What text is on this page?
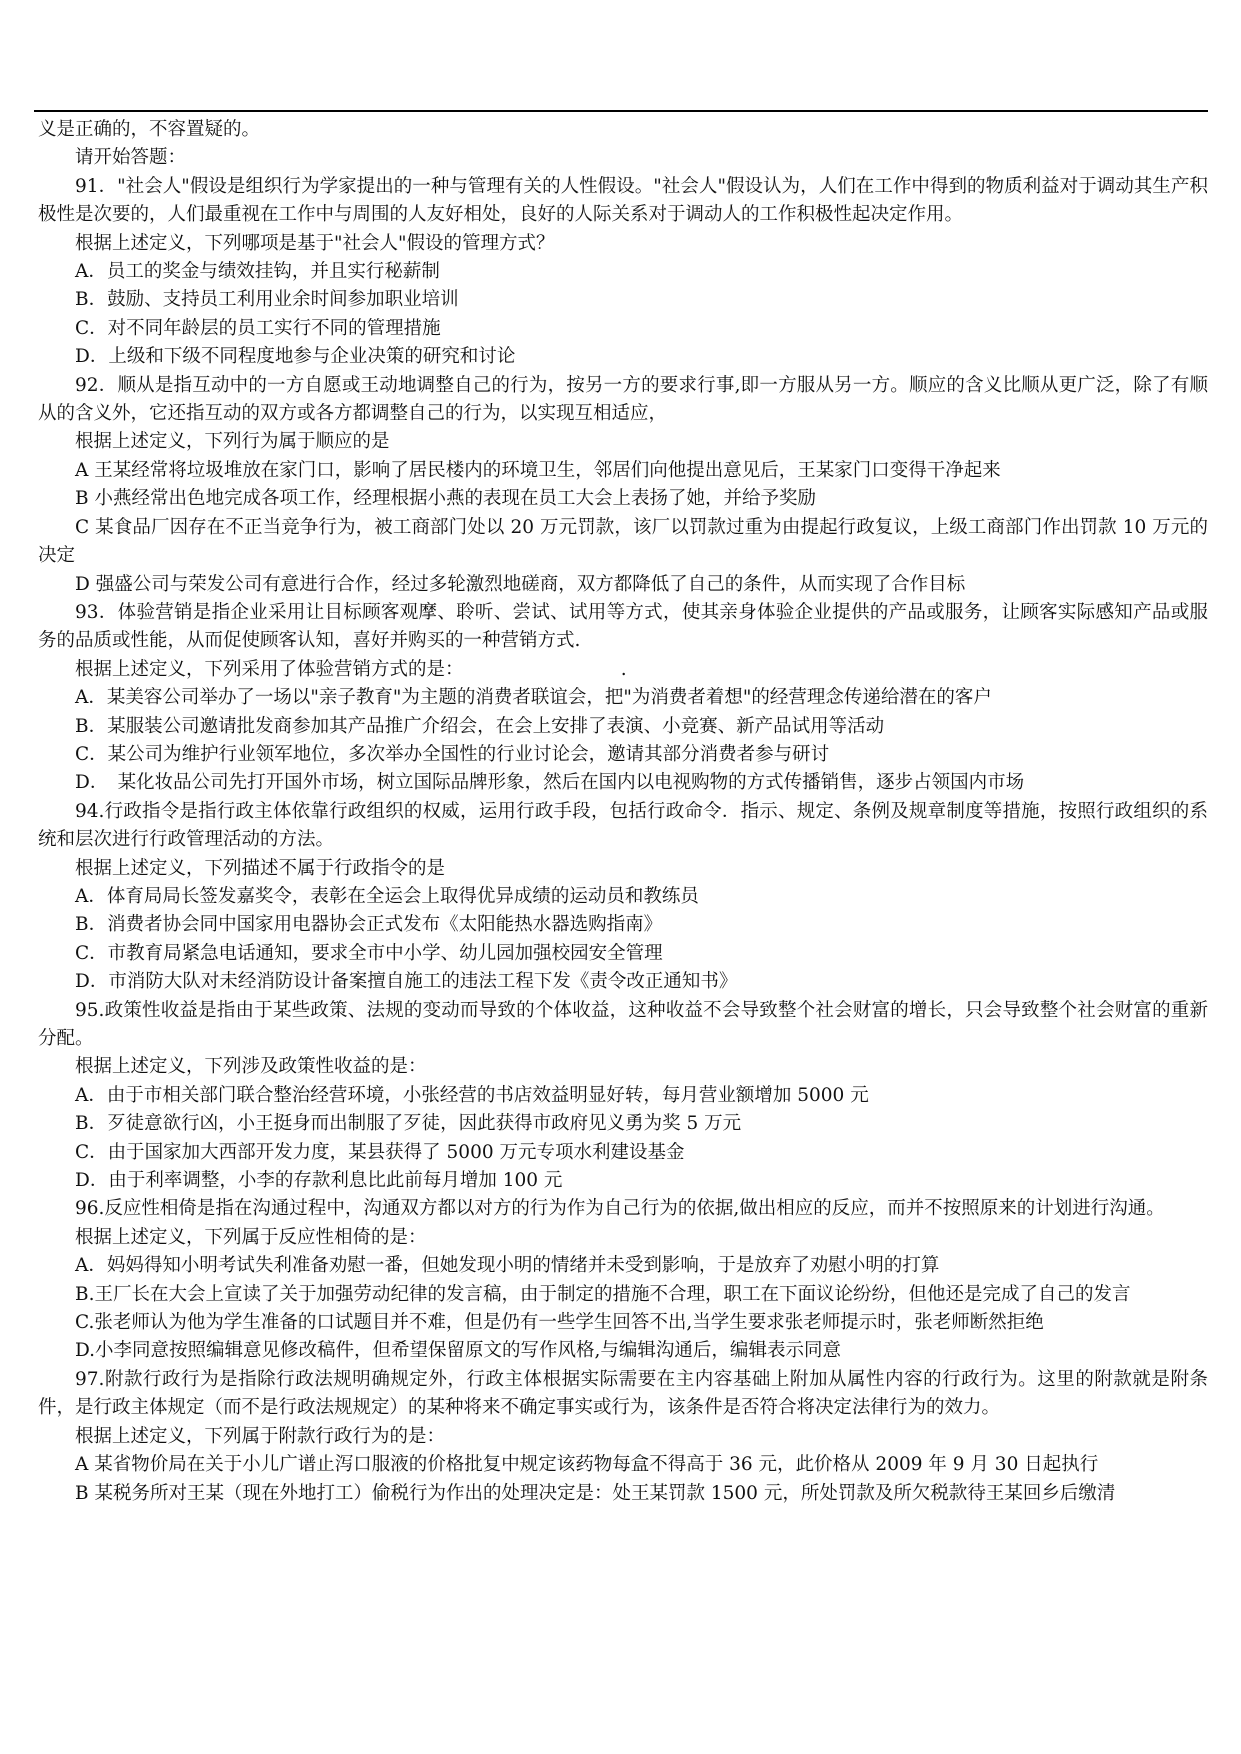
义是正确的，不容置疑的。

请开始答题：

91．"社会人"假设是组织行为学家提出的一种与管理有关的人性假设。"社会人"假设认为，人们在工作中得到的物质利益对于调动其生产积极性是次要的，人们最重视在工作中与周围的人友好相处，良好的人际关系对于调动人的工作积极性起决定作用。

根据上述定义，下列哪项是基于"社会人"假设的管理方式？

A．员工的奖金与绩效挂钩，并且实行秘薪制

B．鼓励、支持员工利用业余时间参加职业培训

C．对不同年龄层的员工实行不同的管理措施

D．上级和下级不同程度地参与企业决策的研究和讨论

92．顺从是指互动中的一方自愿或王动地调整自己的行为，按另一方的要求行事,即一方服从另一方。顺应的含义比顺从更广泛，除了有顺从的含义外，它还指互动的双方或各方都调整自己的行为，以实现互相适应，

根据上述定义，下列行为属于顺应的是

A 王某经常将垃圾堆放在家门口，影响了居民楼内的环境卫生，邻居们向他提出意见后，王某家门口变得干净起来

B 小燕经常出色地完成各项工作，经理根据小燕的表现在员工大会上表扬了她，并给予奖励

C 某食品厂因存在不正当竞争行为，被工商部门处以 20 万元罚款，该厂以罚款过重为由提起行政复议，上级工商部门作出罚款 10 万元的决定

D 强盛公司与荣发公司有意进行合作，经过多轮激烈地磋商，双方都降低了自己的条件，从而实现了合作目标

93．体验营销是指企业采用让目标顾客观摩、聆听、尝试、试用等方式，使其亲身体验企业提供的产品或服务，让顾客实际感知产品或服务的品质或性能，从而促使顾客认知，喜好并购买的一种营销方式.

根据上述定义，下列采用了体验营销方式的是：　　　　　　　　　.

A．某美容公司举办了一场以"亲子教育"为主题的消费者联谊会，把"为消费者着想"的经营理念传递给潜在的客户

B．某服装公司邀请批发商参加其产品推广介绍会，在会上安排了表演、小竞赛、新产品试用等活动

C．某公司为维护行业领军地位，多次举办全国性的行业讨论会，邀请其部分消费者参与研讨

D．　某化妆品公司先打开国外市场，树立国际品牌形象，然后在国内以电视购物的方式传播销售，逐步占领国内市场

94.行政指令是指行政主体依靠行政组织的权威，运用行政手段，包括行政命令．指示、规定、条例及规章制度等措施，按照行政组织的系统和层次进行行政管理活动的方法。

根据上述定义，下列描述不属于行政指令的是

A．体育局局长签发嘉奖令，表彰在全运会上取得优异成绩的运动员和教练员

B．消费者协会同中国家用电器协会正式发布《太阳能热水器选购指南》

C．市教育局紧急电话通知，要求全市中小学、幼儿园加强校园安全管理

D．市消防大队对未经消防设计备案擅自施工的违法工程下发《责令改正通知书》

95.政策性收益是指由于某些政策、法规的变动而导致的个体收益，这种收益不会导致整个社会财富的增长，只会导致整个社会财富的重新分配。

根据上述定义，下列涉及政策性收益的是：

A．由于市相关部门联合整治经营环境，小张经营的书店效益明显好转，每月营业额增加 5000 元

B．歹徒意欲行凶，小王挺身而出制服了歹徒，因此获得市政府见义勇为奖 5 万元

C．由于国家加大西部开发力度，某县获得了 5000 万元专项水利建设基金

D．由于利率调整，小李的存款利息比此前每月增加 100 元

96.反应性相倚是指在沟通过程中，沟通双方都以对方的行为作为自己行为的依据,做出相应的反应，而并不按照原来的计划进行沟通。

根据上述定义，下列属于反应性相倚的是：

A．妈妈得知小明考试失利准备劝慰一番，但她发现小明的情绪并未受到影响，于是放弃了劝慰小明的打算

B.王厂长在大会上宣读了关于加强劳动纪律的发言稿，由于制定的措施不合理，职工在下面议论纷纷，但他还是完成了自己的发言

C.张老师认为他为学生准备的口试题目并不难，但是仍有一些学生回答不出,当学生要求张老师提示时，张老师断然拒绝

D.小李同意按照编辑意见修改稿件，但希望保留原文的写作风格,与编辑沟通后，编辑表示同意

97.附款行政行为是指除行政法规明确规定外，行政主体根据实际需要在主内容基础上附加从属性内容的行政行为。这里的附款就是附条件，是行政主体规定（而不是行政法规规定）的某种将来不确定事实或行为，该条件是否符合将决定法律行为的效力。

根据上述定义，下列属于附款行政行为的是：

A 某省物价局在关于小儿广谱止泻口服液的价格批复中规定该药物每盒不得高于 36 元，此价格从 2009 年 9 月 30 日起执行

B 某税务所对王某（现在外地打工）偷税行为作出的处理决定是：处王某罚款 1500 元，所处罚款及所欠税款待王某回乡后缴清
